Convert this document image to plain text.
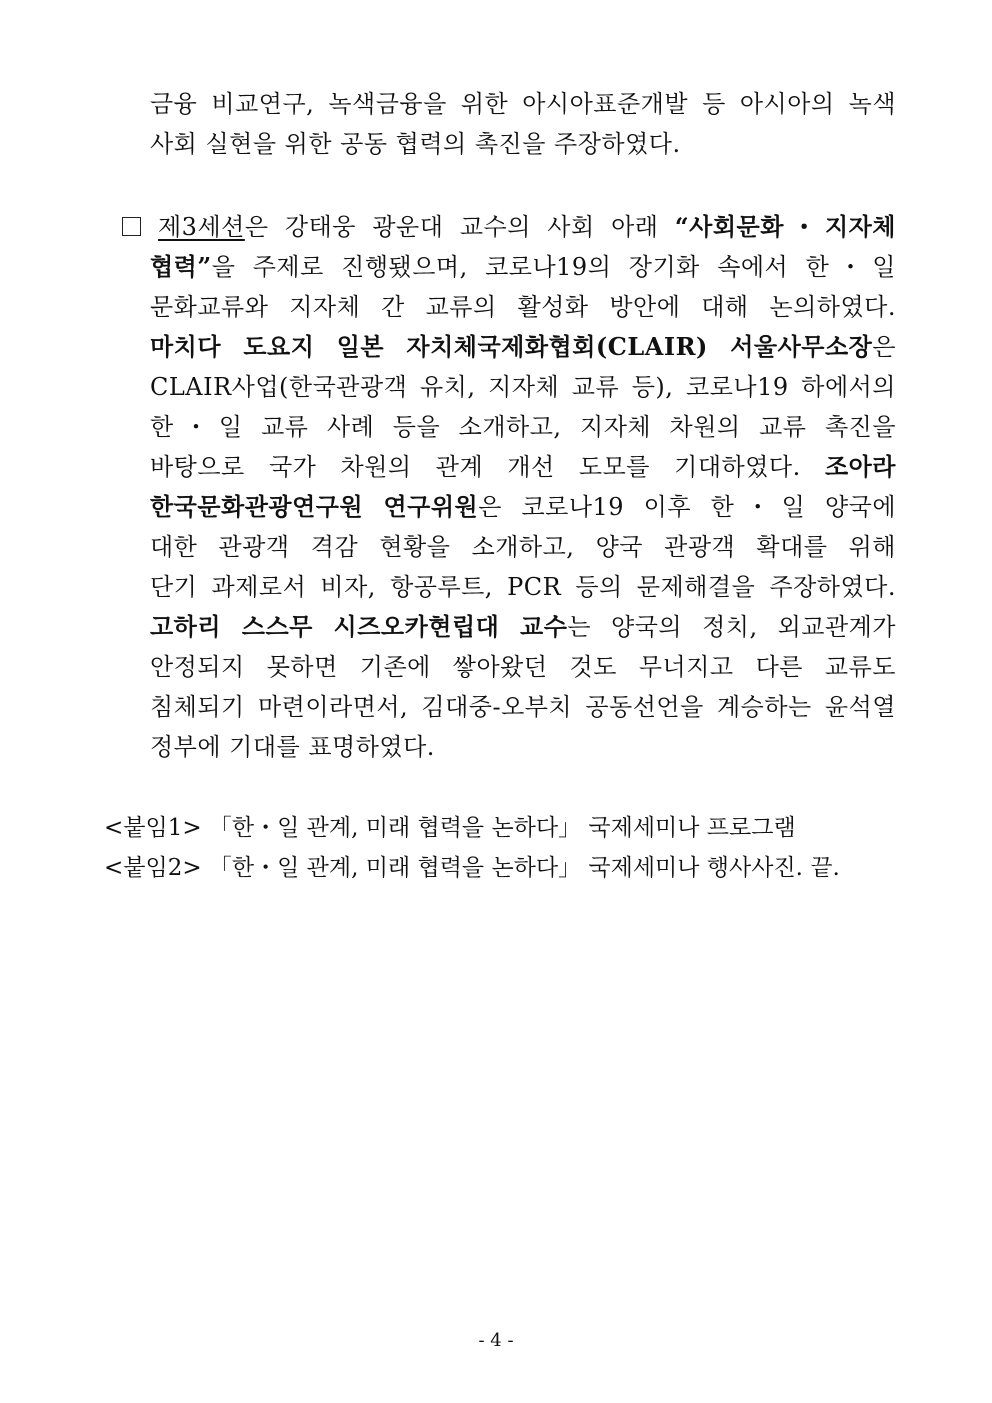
금융 비교연구, 녹색금융을 위한 아시아표준개발 등 아시아의 녹색
사회 실현을 위한 공동 협력의 촉진을 주장하였다.
제3세션은 강태웅 광운대 교수의 사회 아래 “사회문화・지자체
협력”을 주제로 진행됐으며, 코로나19의 장기화 속에서 한・일
문화교류와 지자체 간 교류의 활성화 방안에 대해 논의하였다.
마치다 도요지 일본 자치체국제화협회(CLAIR) 서울사무소장은
CLAIR사업(한국관광객 유치, 지자체 교류 등), 코로나19 하에서의
한・일 교류 사례 등을 소개하고, 지자체 차원의 교류 촉진을
바탕으로 국가 차원의 관계 개선 도모를 기대하였다. 조아라
한국문화관광연구원 연구위원은 코로나19 이후 한・일 양국에
대한 관광객 격감 현황을 소개하고, 양국 관광객 확대를 위해
단기 과제로서 비자, 항공루트, PCR 등의 문제해결을 주장하였다.
고하리 스스무 시즈오카현립대 교수는 양국의 정치, 외교관계가
안정되지 못하면 기존에 쌓아왔던 것도 무너지고 다른 교류도
침체되기 마련이라면서, 김대중-오부치 공동선언을 계승하는 윤석열
정부에 기대를 표명하였다.
<붙임1> 「한・일 관계, 미래 협력을 논하다」 국제세미나 프로그램
<붙임2> 「한・일 관계, 미래 협력을 논하다」 국제세미나 행사사진. 끝.
- 4 -
